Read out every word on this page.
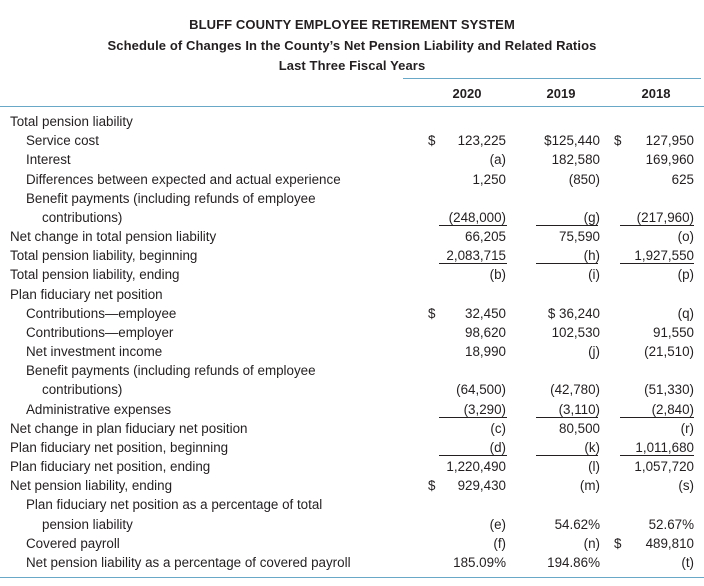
BLUFF COUNTY EMPLOYEE RETIREMENT SYSTEM
Schedule of Changes In the County’s Net Pension Liability and Related Ratios
Last Three Fiscal Years
2020	2019	2018
Total pension liability
Service cost	123,225	$125,440	127,950
$	$
Interest	(a)	182,580	169,960
Differences between expected and actual experience	1,250	(850)	625
Benefit payments (including refunds of employee
contributions)	(248,000)	(g)	(217,960)
Net change in total pension liability	66,205	75,590	(o)
Total pension liability, beginning	2,083,715	(h)	1,927,550
Total pension liability, ending	(b)	(i)	(p)
Plan fiduciary net position
Contributions—employee	32,450	$ 36,240	(q)
$
Contributions—employer	98,620	102,530	91,550
Net investment income	18,990	(j)	(21,510)
Benefit payments (including refunds of employee
contributions)	(64,500)	(42,780)	(51,330)
Administrative expenses	(3,290)	(3,110)	(2,840)
Net change in plan fiduciary net position	(c)	80,500	(r)
Plan fiduciary net position, beginning	(d)	(k)	1,011,680
Plan fiduciary net position, ending	1,220,490	(l)	1,057,720
Net pension liability, ending	929,430	(m)	(s)
$
Plan fiduciary net position as a percentage of total
pension liability	(e)	54.62%	52.67%
Covered payroll	(f)	(n)	489,810
$
Net pension liability as a percentage of covered payroll	185.09%	194.86%	(t)
